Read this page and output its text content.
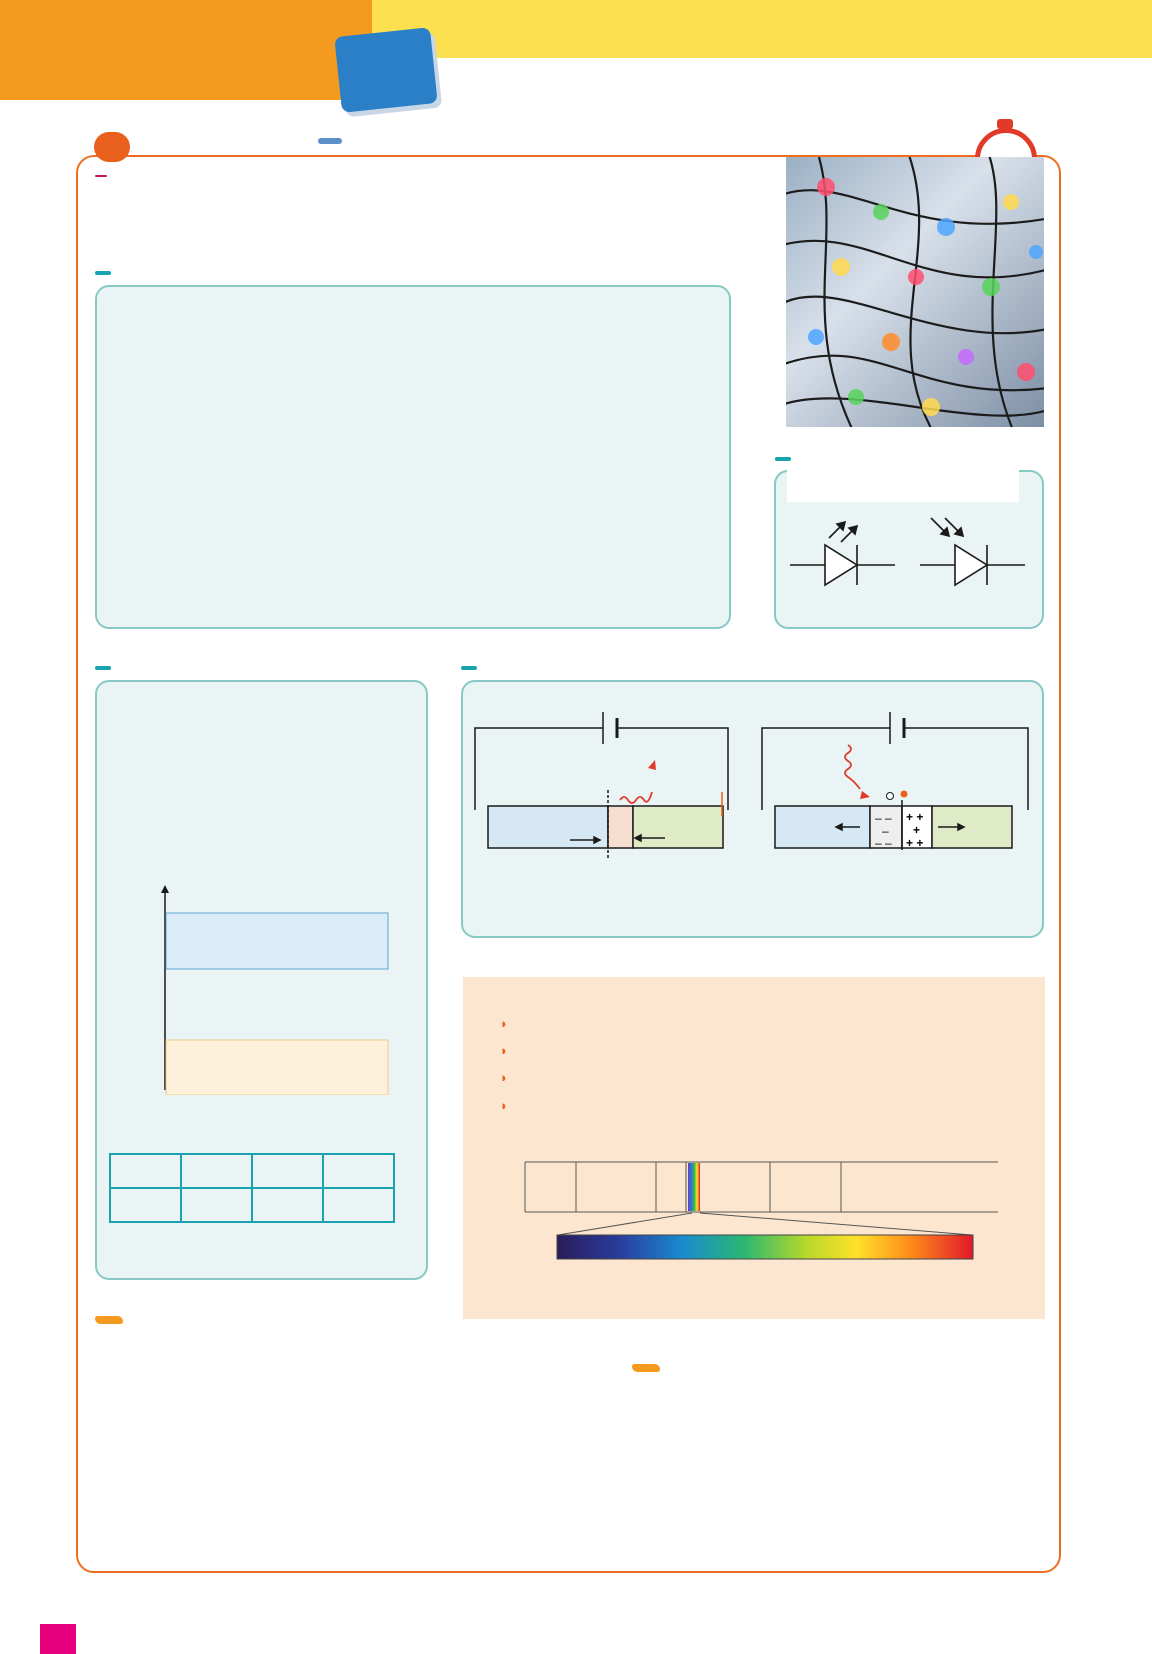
– –
–
– –
+ +
+
+ +
◗
◗
◗
◗
